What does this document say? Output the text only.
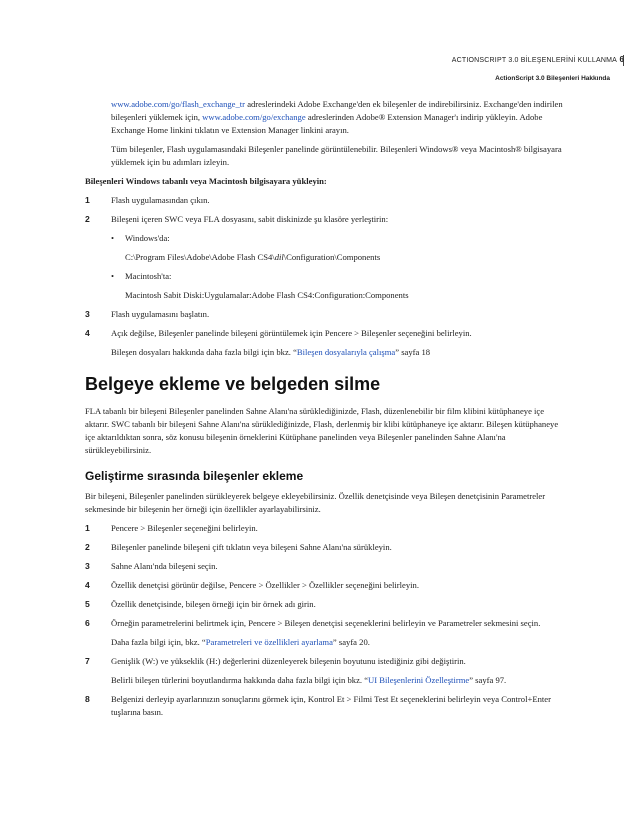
ACTIONSCRIPT 3.0 BİLEŞENLERİNİ KULLANMA
ActionScript 3.0 Bileşenleri Hakkında
6

www.adobe.com/go/flash_exchange_tr adreslerindeki Adobe Exchange'den ek bileşenler de indirebilirsiniz. Exchange'den indirilen bileşenleri yüklemek için, www.adobe.com/go/exchange adreslerinden Adobe® Extension Manager'ı indirip yükleyin. Adobe Exchange Home linkini tıklatın ve Extension Manager linkini arayın.

Tüm bileşenler, Flash uygulamasındaki Bileşenler panelinde görüntülenebilir. Bileşenleri Windows® veya Macintosh® bilgisayara yüklemek için bu adımları izleyin.

Bileşenleri Windows tabanlı veya Macintosh bilgisayara yükleyin:

1	Flash uygulamasından çıkın.
2	Bileşeni içeren SWC veya FLA dosyasını, sabit diskinizde şu klasöre yerleştirin:
•	Windows'da:
C:\Program Files\Adobe\Adobe Flash CS4\dil\Configuration\Components
•	Macintosh'ta:
Macintosh Sabit Diski:Uygulamalar:Adobe Flash CS4:Configuration:Components
3	Flash uygulamasını başlatın.
4	Açık değilse, Bileşenler panelinde bileşeni görüntülemek için Pencere > Bileşenler seçeneğini belirleyin.
Bileşen dosyaları hakkında daha fazla bilgi için bkz. “Bileşen dosyalarıyla çalışma” sayfa 18
Belgeye ekleme ve belgeden silme

FLA tabanlı bir bileşeni Bileşenler panelinden Sahne Alanı'na sürüklediğinizde, Flash, düzenlenebilir bir film klibini kütüphaneye içe aktarır. SWC tabanlı bir bileşeni Sahne Alanı'na sürüklediğinizde, Flash, derlenmiş bir klibi kütüphaneye içe aktarır. Bileşen kütüphaneye içe aktarıldıktan sonra, söz konusu bileşenin örneklerini Kütüphane panelinden veya Bileşenler panelinden Sahne Alanı'na sürükleyebilirsiniz.

Geliştirme sırasında bileşenler ekleme

Bir bileşeni, Bileşenler panelinden sürükleyerek belgeye ekleyebilirsiniz. Özellik denetçisinde veya Bileşen denetçisinin Parametreler sekmesinde bir bileşenin her örneği için özellikler ayarlayabilirsiniz.

1	Pencere > Bileşenler seçeneğini belirleyin.
2	Bileşenler panelinde bileşeni çift tıklatın veya bileşeni Sahne Alanı'na sürükleyin.
3	Sahne Alanı'nda bileşeni seçin.
4	Özellik denetçisi görünür değilse, Pencere > Özellikler > Özellikler seçeneğini belirleyin.
5	Özellik denetçisinde, bileşen örneği için bir örnek adı girin.
6	Örneğin parametrelerini belirtmek için, Pencere > Bileşen denetçisi seçeneklerini belirleyin ve Parametreler sekmesini seçin.
Daha fazla bilgi için, bkz. “Parametreleri ve özellikleri ayarlama” sayfa 20.
7	Genişlik (W:) ve yükseklik (H:) değerlerini düzenleyerek bileşenin boyutunu istediğiniz gibi değiştirin.
Belirli bileşen türlerini boyutlandırma hakkında daha fazla bilgi için bkz. “UI Bileşenlerini Özelleştirme” sayfa 97.
8	Belgenizi derleyip ayarlarınızın sonuçlarını görmek için, Kontrol Et > Filmi Test Et seçeneklerini belirleyin veya Control+Enter tuşlarına basın.
